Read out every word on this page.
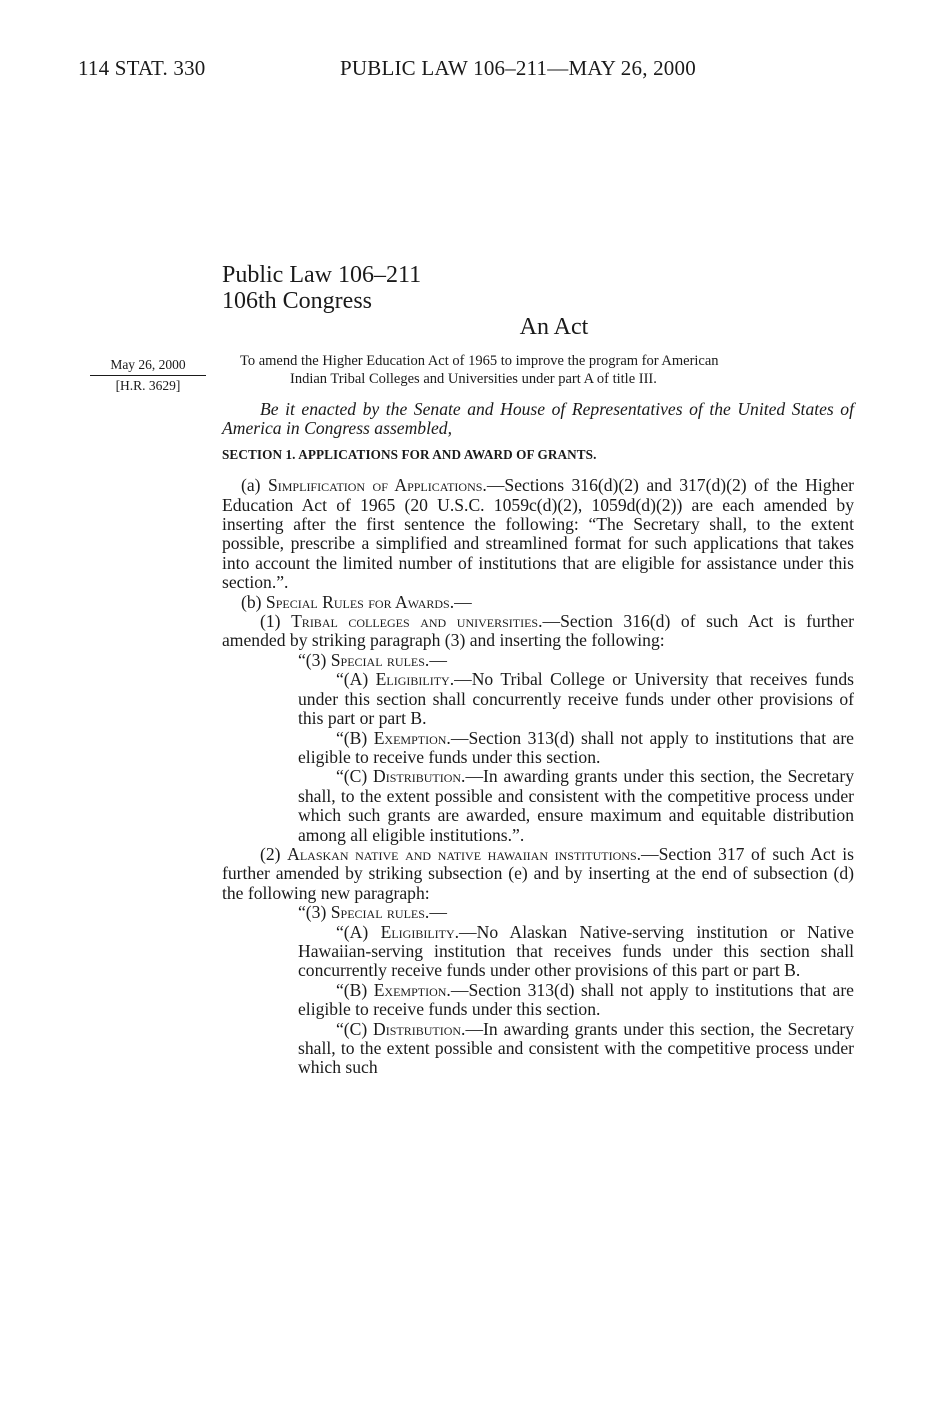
114 STAT. 330	PUBLIC LAW 106–211—MAY 26, 2000
Public Law 106–211
106th Congress
An Act
May 26, 2000
[H.R. 3629]
To amend the Higher Education Act of 1965 to improve the program for American
Indian Tribal Colleges and Universities under part A of title III.

Be it enacted by the Senate and House of Representatives of the United States of America in Congress assembled,

SECTION 1. APPLICATIONS FOR AND AWARD OF GRANTS.

(a) Simplification of Applications.—Sections 316(d)(2) and 317(d)(2) of the Higher Education Act of 1965 (20 U.S.C. 1059c(d)(2), 1059d(d)(2)) are each amended by inserting after the first sentence the following: “The Secretary shall, to the extent possible, prescribe a simplified and streamlined format for such applications that takes into account the limited number of institutions that are eligible for assistance under this section.”.

(b) Special Rules for Awards.—

(1) Tribal colleges and universities.—Section 316(d) of such Act is further amended by striking paragraph (3) and inserting the following:

“(3) Special rules.—

“(A) Eligibility.—No Tribal College or University that receives funds under this section shall concurrently receive funds under other provisions of this part or part B.

“(B) Exemption.—Section 313(d) shall not apply to institutions that are eligible to receive funds under this section.

“(C) Distribution.—In awarding grants under this section, the Secretary shall, to the extent possible and consistent with the competitive process under which such grants are awarded, ensure maximum and equitable distribution among all eligible institutions.”.

(2) Alaskan native and native hawaiian institutions.—Section 317 of such Act is further amended by striking subsection (e) and by inserting at the end of subsection (d) the following new paragraph:

“(3) Special rules.—

“(A) Eligibility.—No Alaskan Native-serving institution or Native Hawaiian-serving institution that receives funds under this section shall concurrently receive funds under other provisions of this part or part B.

“(B) Exemption.—Section 313(d) shall not apply to institutions that are eligible to receive funds under this section.

“(C) Distribution.—In awarding grants under this section, the Secretary shall, to the extent possible and consistent with the competitive process under which such
